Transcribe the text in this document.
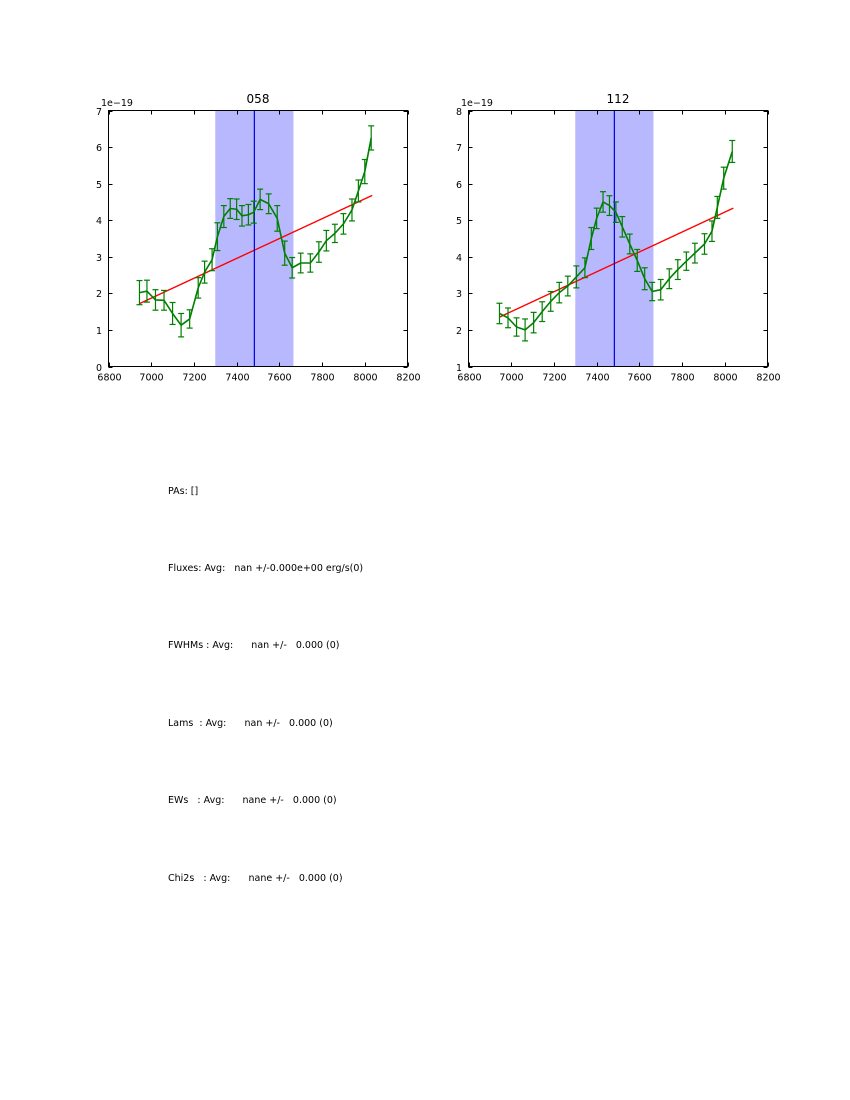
058
1e−19
6800 7000 7200 7400 7600 7800 8000 8200
0
1
2
3
4
5
6
7
112
1e−19
6800 7000 7200 7400 7600 7800 8000 8200
1
2
3
4
5
6
7
8

PAs: []

Fluxes: Avg:   nan +/-0.000e+00 erg/s(0)

FWHMs : Avg:      nan +/-   0.000 (0)

Lams  : Avg:      nan +/-   0.000 (0)

EWs   : Avg:      nane +/-   0.000 (0)

Chi2s   : Avg:      nane +/-   0.000 (0)
